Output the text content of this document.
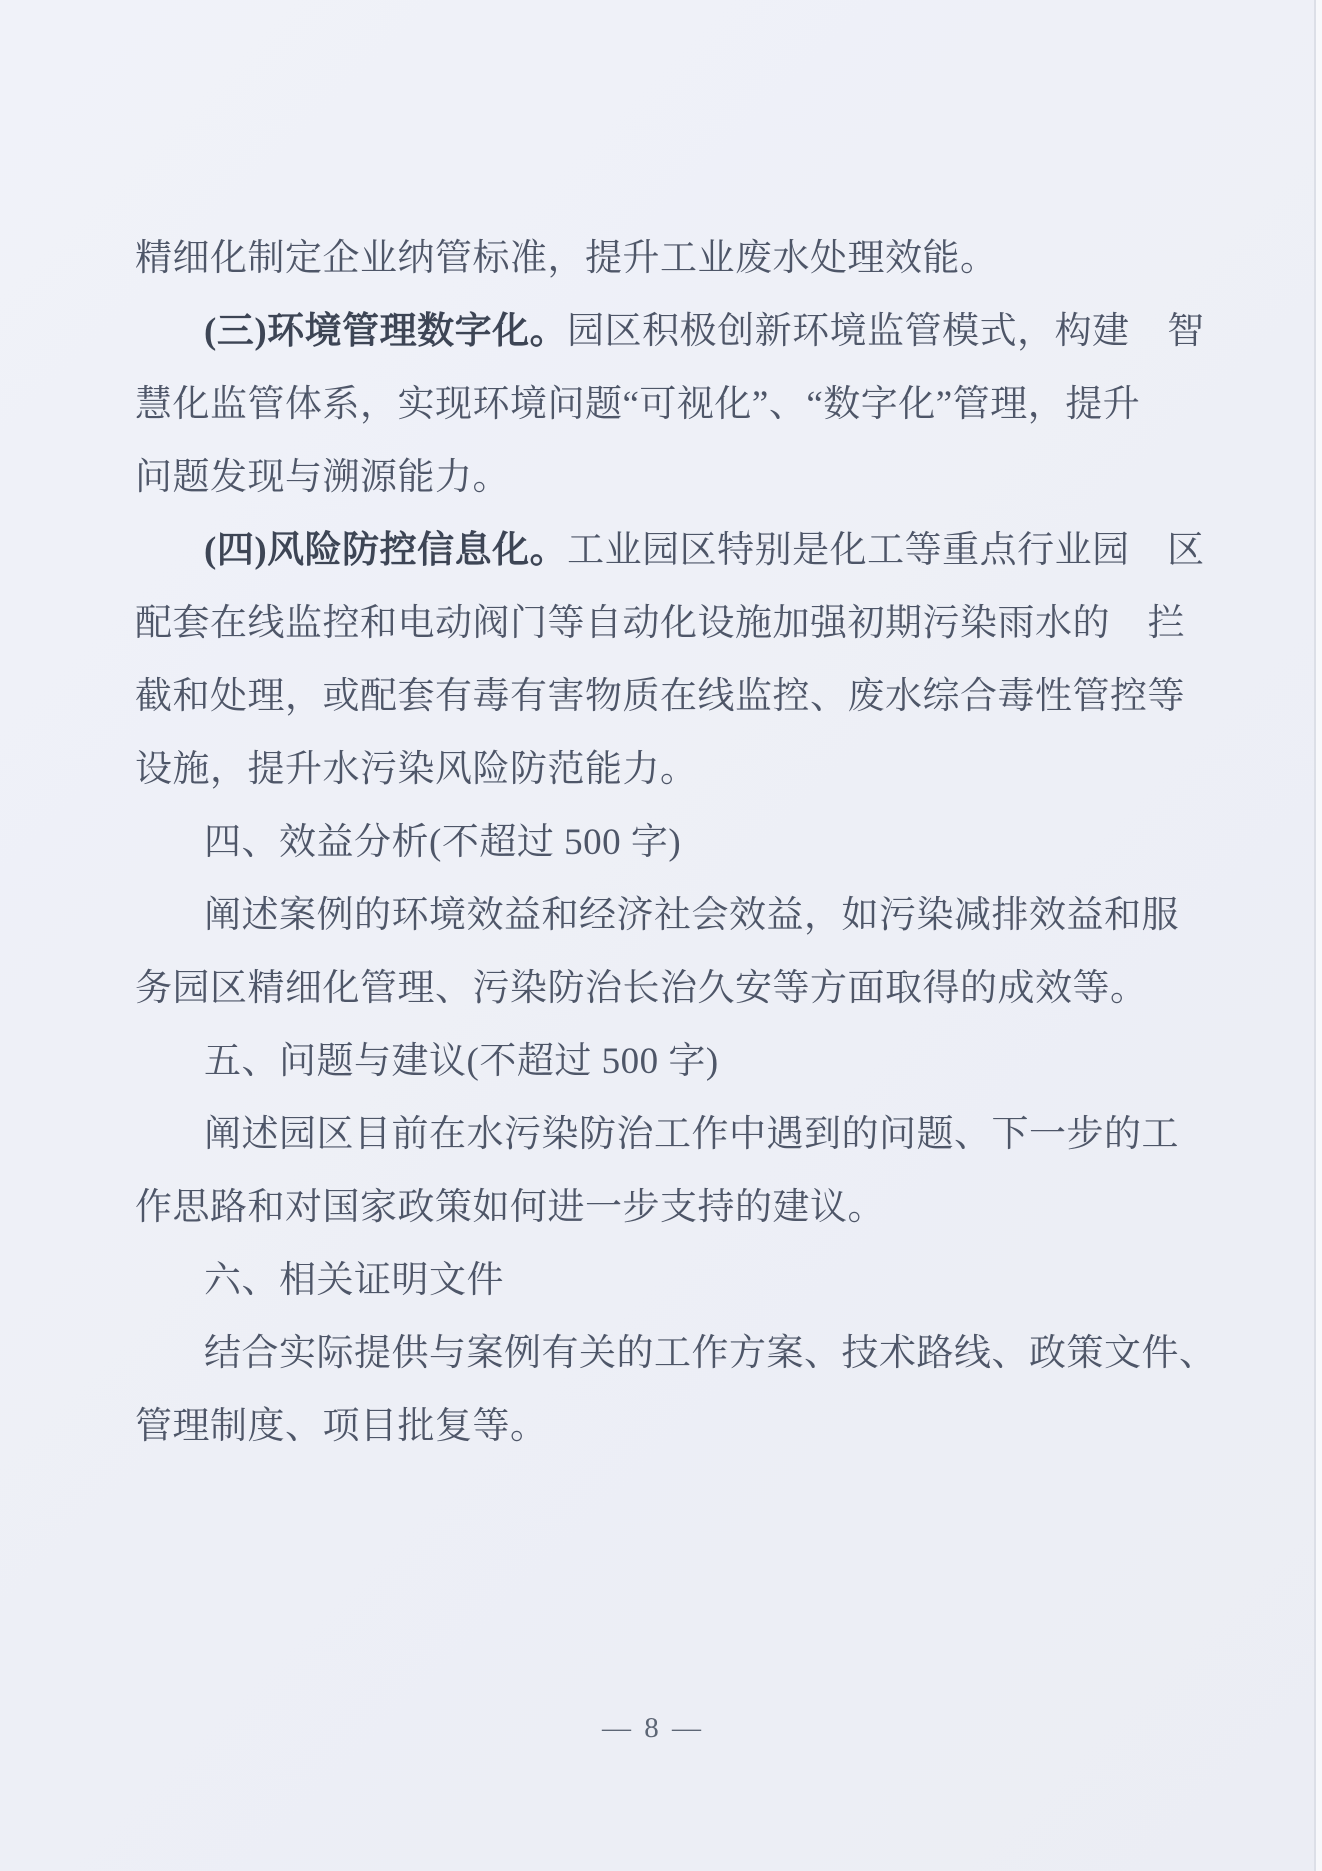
精细化制定企业纳管标准，提升工业废水处理效能。
(三)环境管理数字化。园区积极创新环境监管模式，构建　智
慧化监管体系，实现环境问题“可视化”、“数字化”管理，提升
问题发现与溯源能力。
(四)风险防控信息化。工业园区特别是化工等重点行业园　区
配套在线监控和电动阀门等自动化设施加强初期污染雨水的　拦
截和处理，或配套有毒有害物质在线监控、废水综合毒性管控等
设施，提升水污染风险防范能力。
四、效益分析(不超过 500 字)
阐述案例的环境效益和经济社会效益，如污染减排效益和服
务园区精细化管理、污染防治长治久安等方面取得的成效等。
五、问题与建议(不超过 500 字)
阐述园区目前在水污染防治工作中遇到的问题、下一步的工
作思路和对国家政策如何进一步支持的建议。
六、相关证明文件
结合实际提供与案例有关的工作方案、技术路线、政策文件、
管理制度、项目批复等。
— 8 —
